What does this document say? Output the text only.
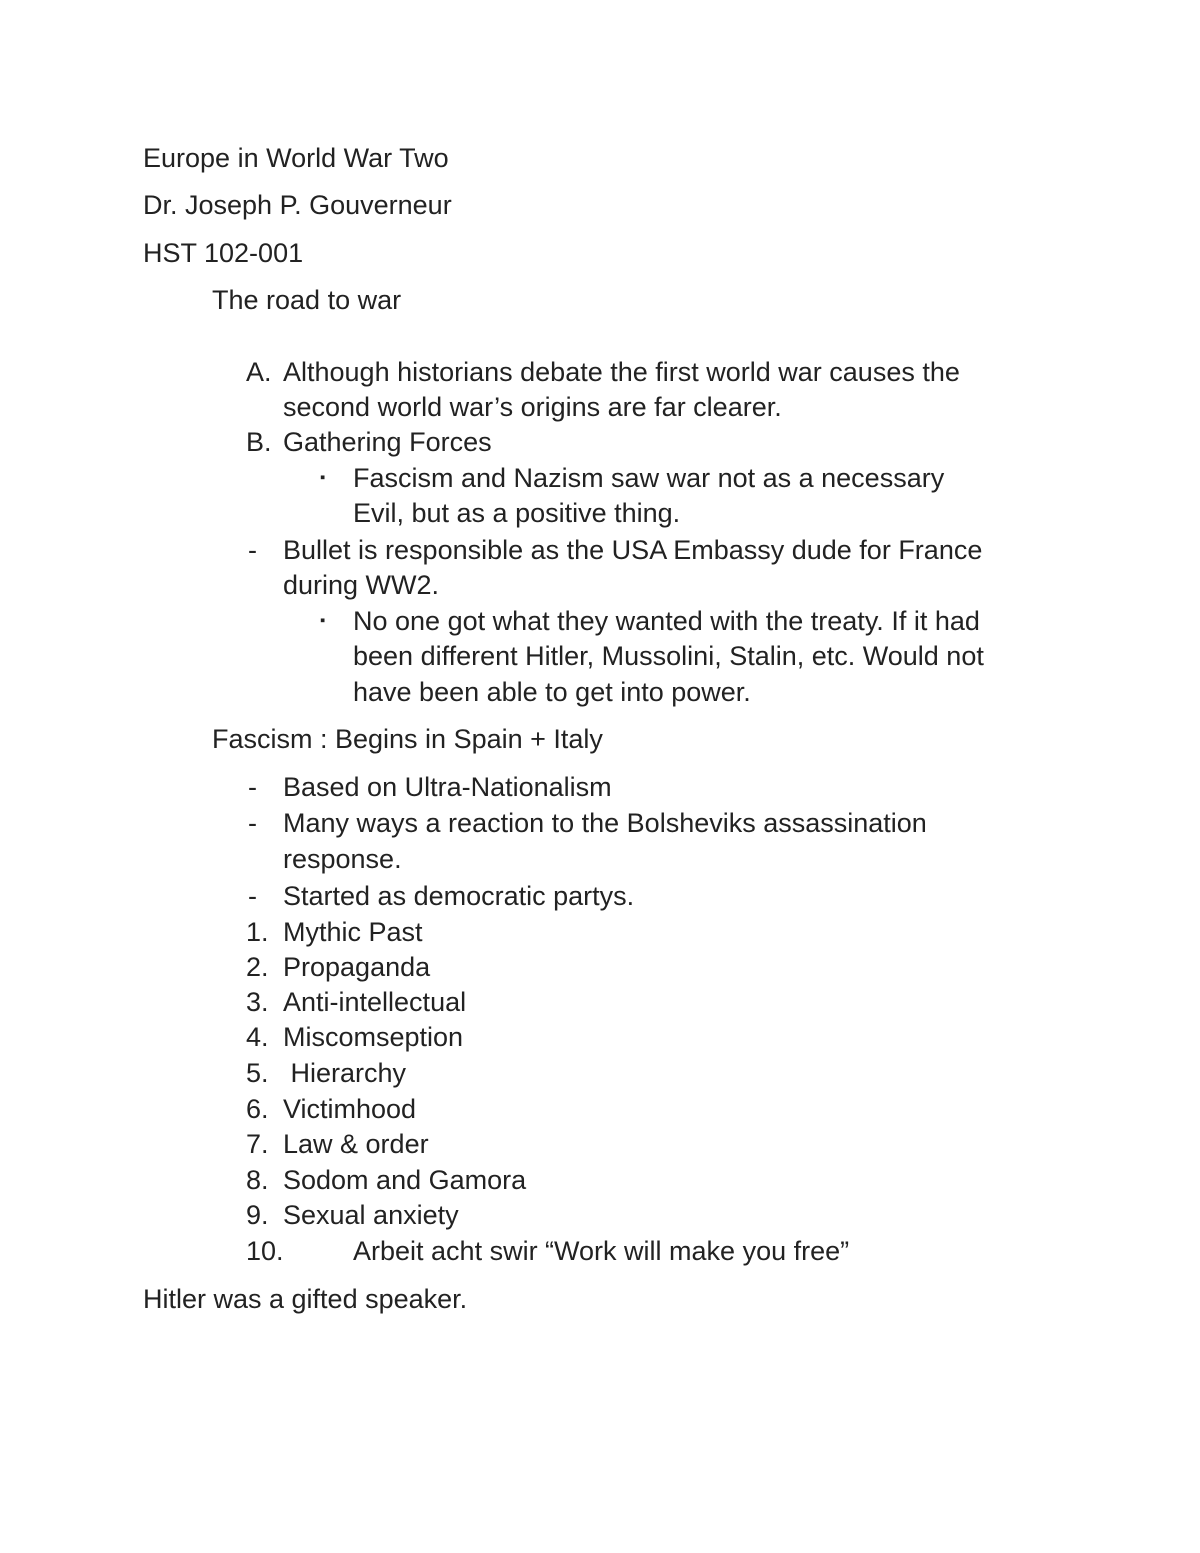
Europe in World War Two
Dr. Joseph P. Gouverneur
HST 102-001
The road to war
A. Although historians debate the first world war causes the
second world war’s origins are far clearer.
B. Gathering Forces
▪ Fascism and Nazism saw war not as a necessary
Evil, but as a positive thing.
- Bullet is responsible as the USA Embassy dude for France
during WW2.
▪ No one got what they wanted with the treaty. If it had
been different Hitler, Mussolini, Stalin, etc. Would not
have been able to get into power.
Fascism : Begins in Spain + Italy
- Based on Ultra-Nationalism
- Many ways a reaction to the Bolsheviks assassination
response.
- Started as democratic partys.
1. Mythic Past
2. Propaganda
3. Anti-intellectual
4. Miscomseption
5. Hierarchy
6. Victimhood
7. Law & order
8. Sodom and Gamora
9. Sexual anxiety
10.	Arbeit acht swir “Work will make you free”
Hitler was a gifted speaker.
